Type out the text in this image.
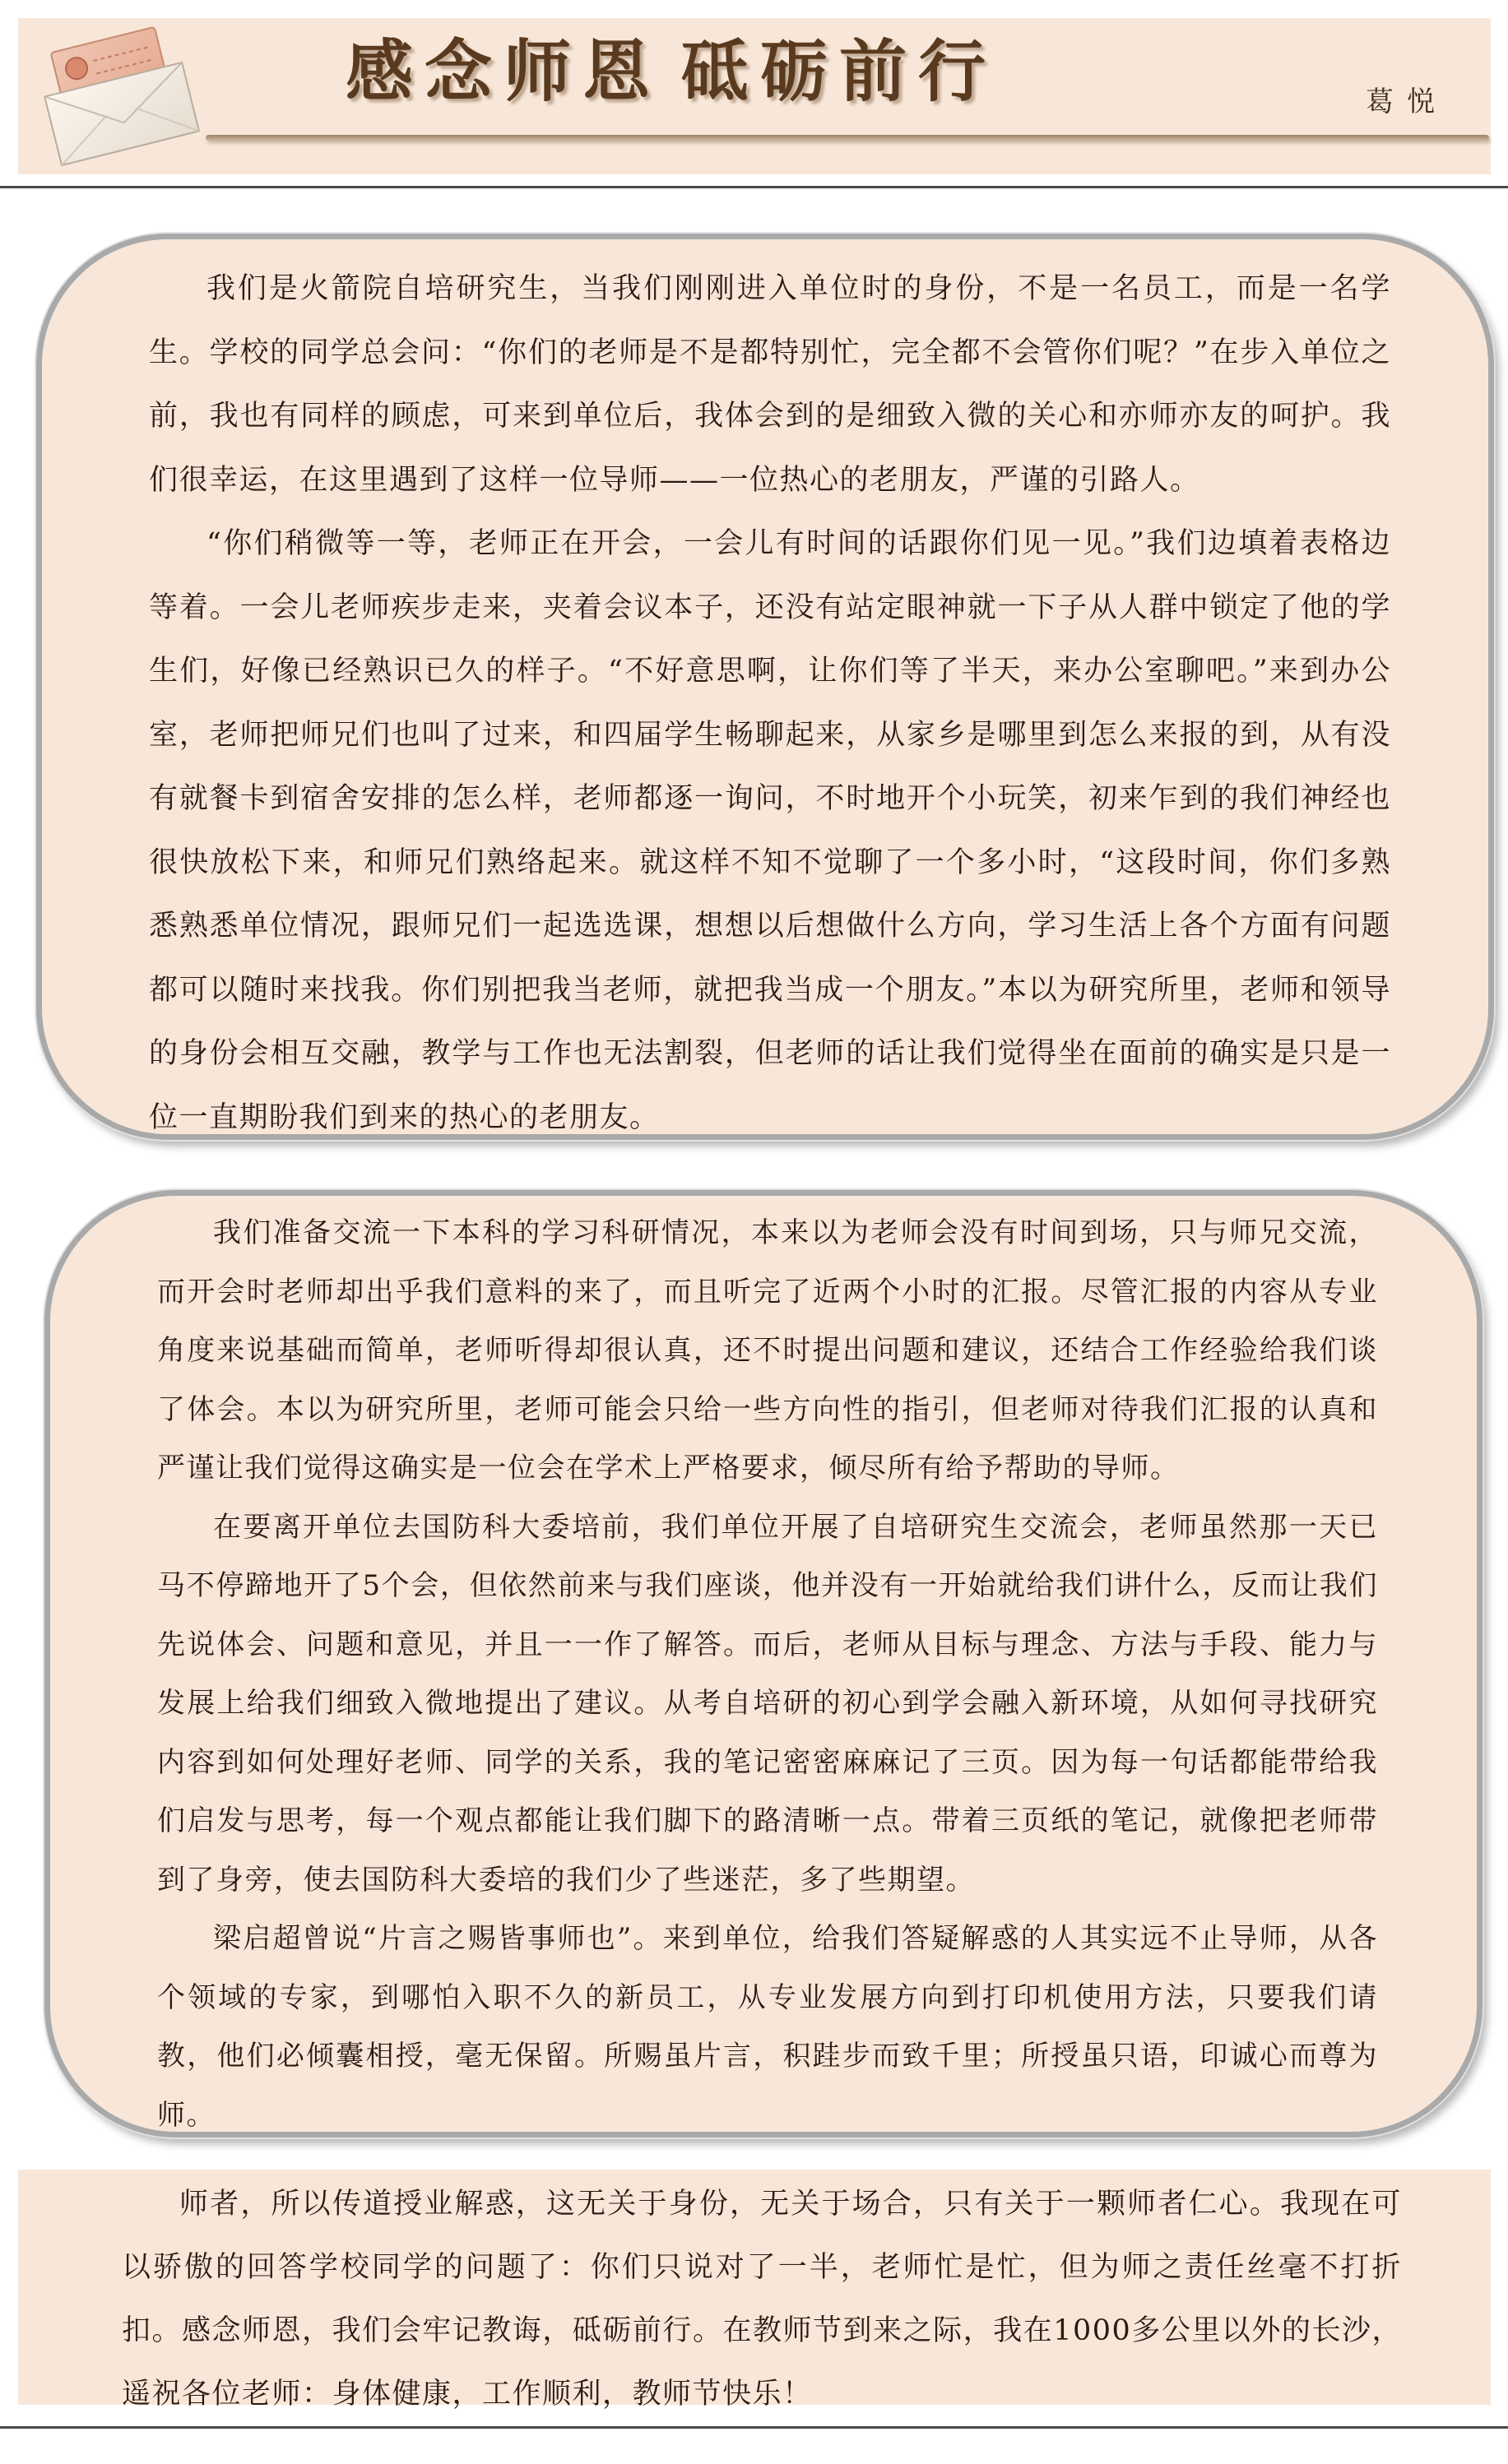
感念师恩 砥砺前行	葛悦

我们是火箭院自培研究生，当我们刚刚进入单位时的身份，不是一名员工，而是一名学生。学校的同学总会问：“你们的老师是不是都特别忙，完全都不会管你们呢？”在步入单位之前，我也有同样的顾虑，可来到单位后，我体会到的是细致入微的关心和亦师亦友的呵护。我们很幸运，在这里遇到了这样一位导师——一位热心的老朋友，严谨的引路人。

“你们稍微等一等，老师正在开会，一会儿有时间的话跟你们见一见。”我们边填着表格边等着。一会儿老师疾步走来，夹着会议本子，还没有站定眼神就一下子从人群中锁定了他的学生们，好像已经熟识已久的样子。“不好意思啊，让你们等了半天，来办公室聊吧。”来到办公室，老师把师兄们也叫了过来，和四届学生畅聊起来，从家乡是哪里到怎么来报的到，从有没有就餐卡到宿舍安排的怎么样，老师都逐一询问，不时地开个小玩笑，初来乍到的我们神经也很快放松下来，和师兄们熟络起来。就这样不知不觉聊了一个多小时，“这段时间，你们多熟悉熟悉单位情况，跟师兄们一起选选课，想想以后想做什么方向，学习生活上各个方面有问题都可以随时来找我。你们别把我当老师，就把我当成一个朋友。”本以为研究所里，老师和领导的身份会相互交融，教学与工作也无法割裂，但老师的话让我们觉得坐在面前的确实是只是一位一直期盼我们到来的热心的老朋友。

我们准备交流一下本科的学习科研情况，本来以为老师会没有时间到场，只与师兄交流，而开会时老师却出乎我们意料的来了，而且听完了近两个小时的汇报。尽管汇报的内容从专业角度来说基础而简单，老师听得却很认真，还不时提出问题和建议，还结合工作经验给我们谈了体会。本以为研究所里，老师可能会只给一些方向性的指引，但老师对待我们汇报的认真和严谨让我们觉得这确实是一位会在学术上严格要求，倾尽所有给予帮助的导师。

在要离开单位去国防科大委培前，我们单位开展了自培研究生交流会，老师虽然那一天已马不停蹄地开了5个会，但依然前来与我们座谈，他并没有一开始就给我们讲什么，反而让我们先说体会、问题和意见，并且一一作了解答。而后，老师从目标与理念、方法与手段、能力与发展上给我们细致入微地提出了建议。从考自培研的初心到学会融入新环境，从如何寻找研究内容到如何处理好老师、同学的关系，我的笔记密密麻麻记了三页。因为每一句话都能带给我们启发与思考，每一个观点都能让我们脚下的路清晰一点。带着三页纸的笔记，就像把老师带到了身旁，使去国防科大委培的我们少了些迷茫，多了些期望。

梁启超曾说“片言之赐皆事师也”。来到单位，给我们答疑解惑的人其实远不止导师，从各个领域的专家，到哪怕入职不久的新员工，从专业发展方向到打印机使用方法，只要我们请教，他们必倾囊相授，毫无保留。所赐虽片言，积跬步而致千里；所授虽只语，印诚心而尊为师。

师者，所以传道授业解惑，这无关于身份，无关于场合，只有关于一颗师者仁心。我现在可以骄傲的回答学校同学的问题了：你们只说对了一半，老师忙是忙，但为师之责任丝毫不打折扣。感念师恩，我们会牢记教诲，砥砺前行。在教师节到来之际，我在1000多公里以外的长沙，遥祝各位老师：身体健康，工作顺利，教师节快乐！
